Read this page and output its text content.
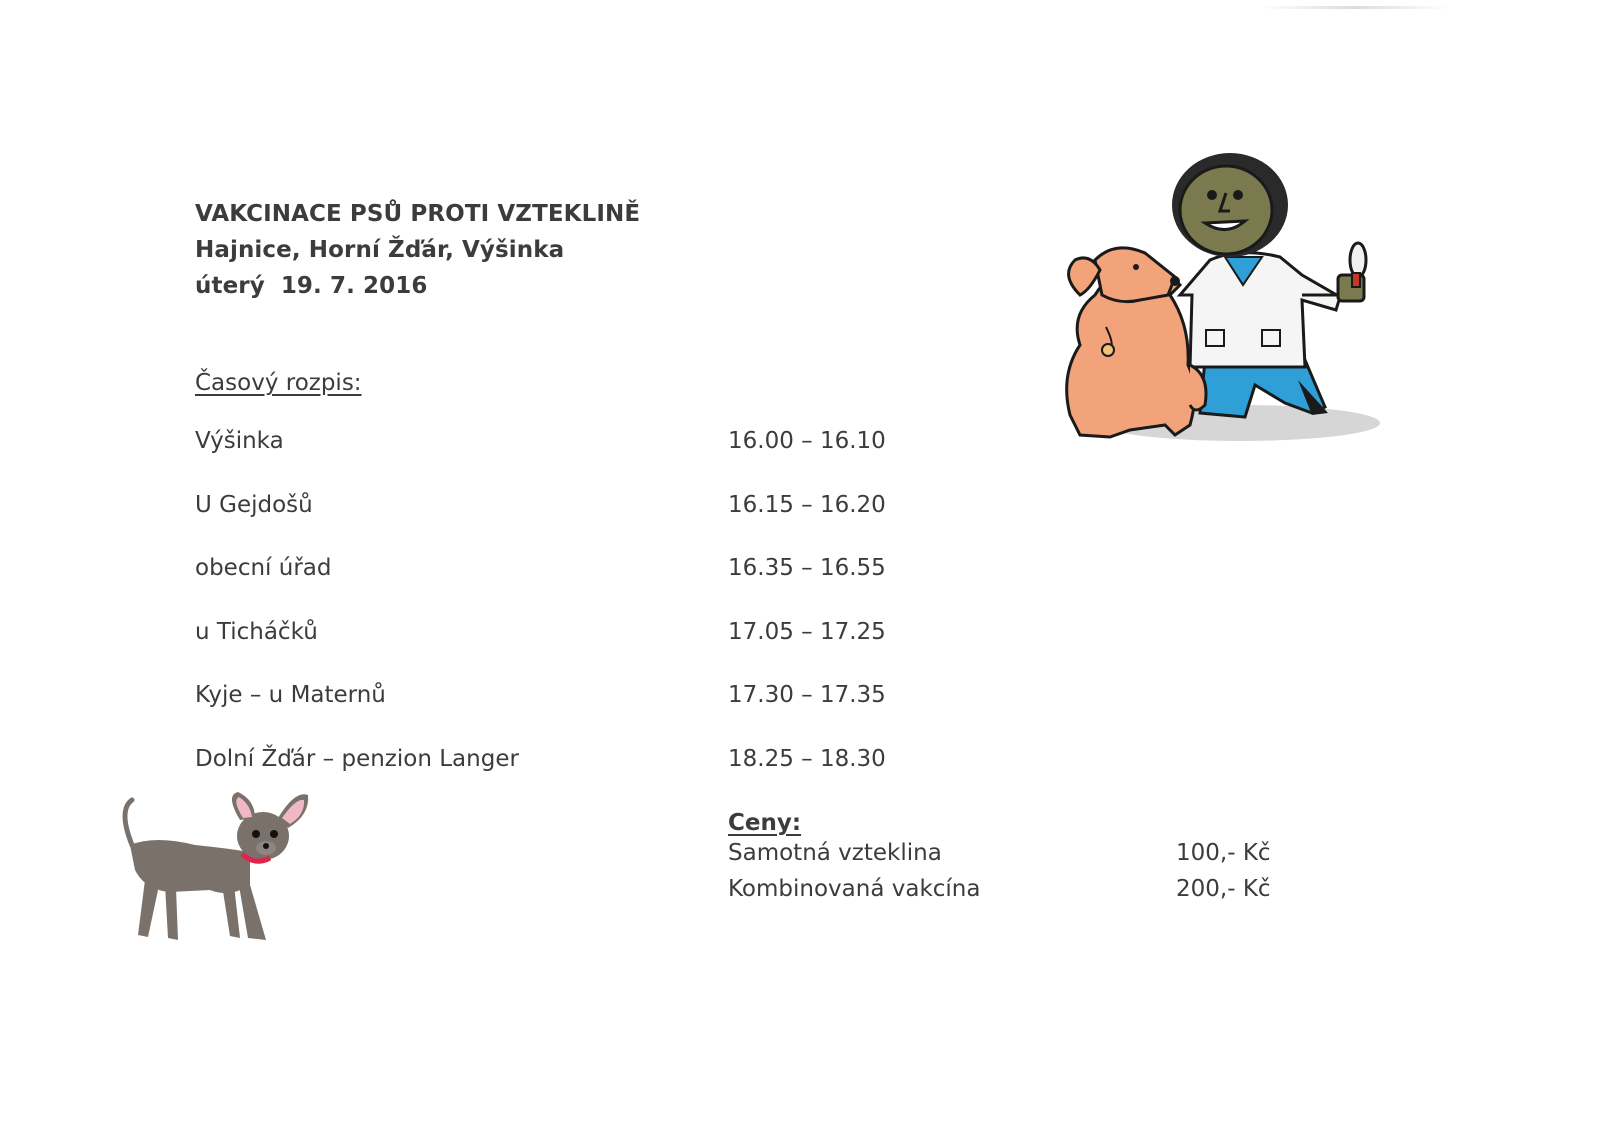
VAKCINACE PSŮ PROTI VZTEKLINĚ
Hajnice, Horní Žďár, Výšinka
úterý 19. 7. 2016
Časový rozpis:
Výšinka	16.00 – 16.10
U Gejdošů	16.15 – 16.20
obecní úřad	16.35 – 16.55
u Ticháčků	17.05 – 17.25
Kyje – u Maternů	17.30 – 17.35
Dolní Žďár – penzion Langer	18.25 – 18.30
Ceny:
Samotná vzteklina	100,- Kč
Kombinovaná vakcína	200,- Kč
